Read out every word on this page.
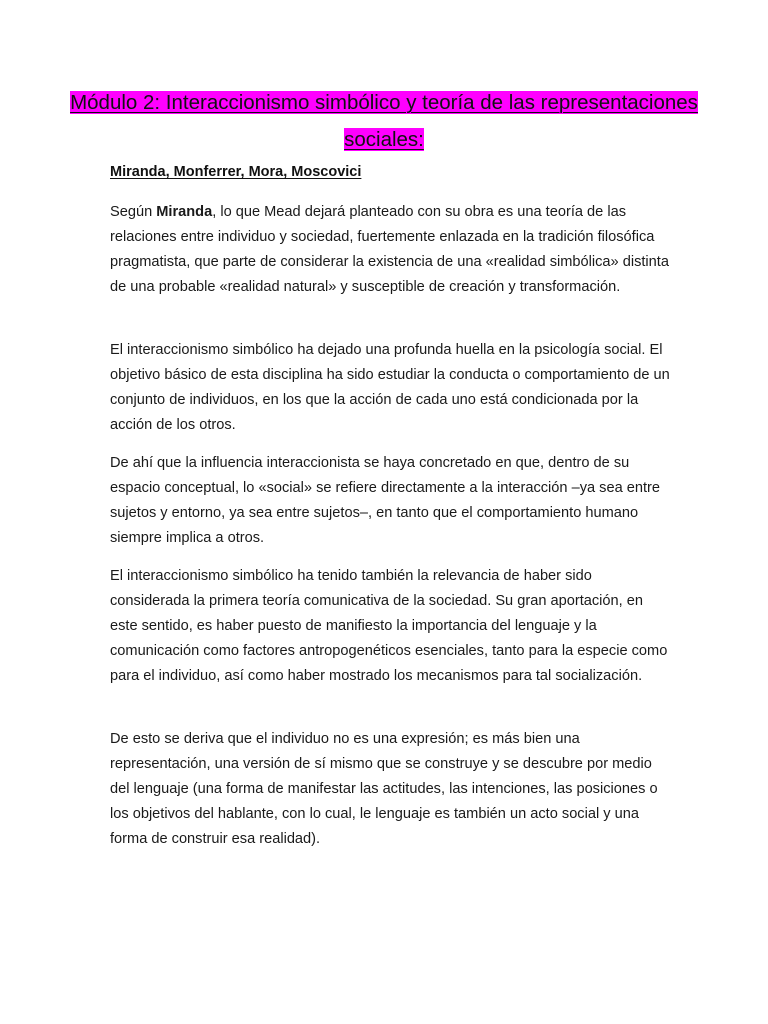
Módulo 2: Interaccionismo simbólico y teoría de las representaciones sociales:

Miranda, Monferrer, Mora, Moscovici

Según Miranda, lo que Mead dejará planteado con su obra es una teoría de las relaciones entre individuo y sociedad, fuertemente enlazada en la tradición filosófica pragmatista, que parte de considerar la existencia de una «realidad simbólica» distinta de una probable «realidad natural» y susceptible de creación y transformación.

El interaccionismo simbólico ha dejado una profunda huella en la psicología social. El objetivo básico de esta disciplina ha sido estudiar la conducta o comportamiento de un conjunto de individuos, en los que la acción de cada uno está condicionada por la acción de los otros.

De ahí que la influencia interaccionista se haya concretado en que, dentro de su espacio conceptual, lo «social» se refiere directamente a la interacción –ya sea entre sujetos y entorno, ya sea entre sujetos–, en tanto que el comportamiento humano siempre implica a otros.

El interaccionismo simbólico ha tenido también la relevancia de haber sido considerada la primera teoría comunicativa de la sociedad. Su gran aportación, en este sentido, es haber puesto de manifiesto la importancia del lenguaje y la comunicación como factores antropogenéticos esenciales, tanto para la especie como para el individuo, así como haber mostrado los mecanismos para tal socialización.

De esto se deriva que el individuo no es una expresión; es más bien una representación, una versión de sí mismo que se construye y se descubre por medio del lenguaje (una forma de manifestar las actitudes, las intenciones, las posiciones o los objetivos del hablante, con lo cual, le lenguaje es también un acto social y una forma de construir esa realidad).
